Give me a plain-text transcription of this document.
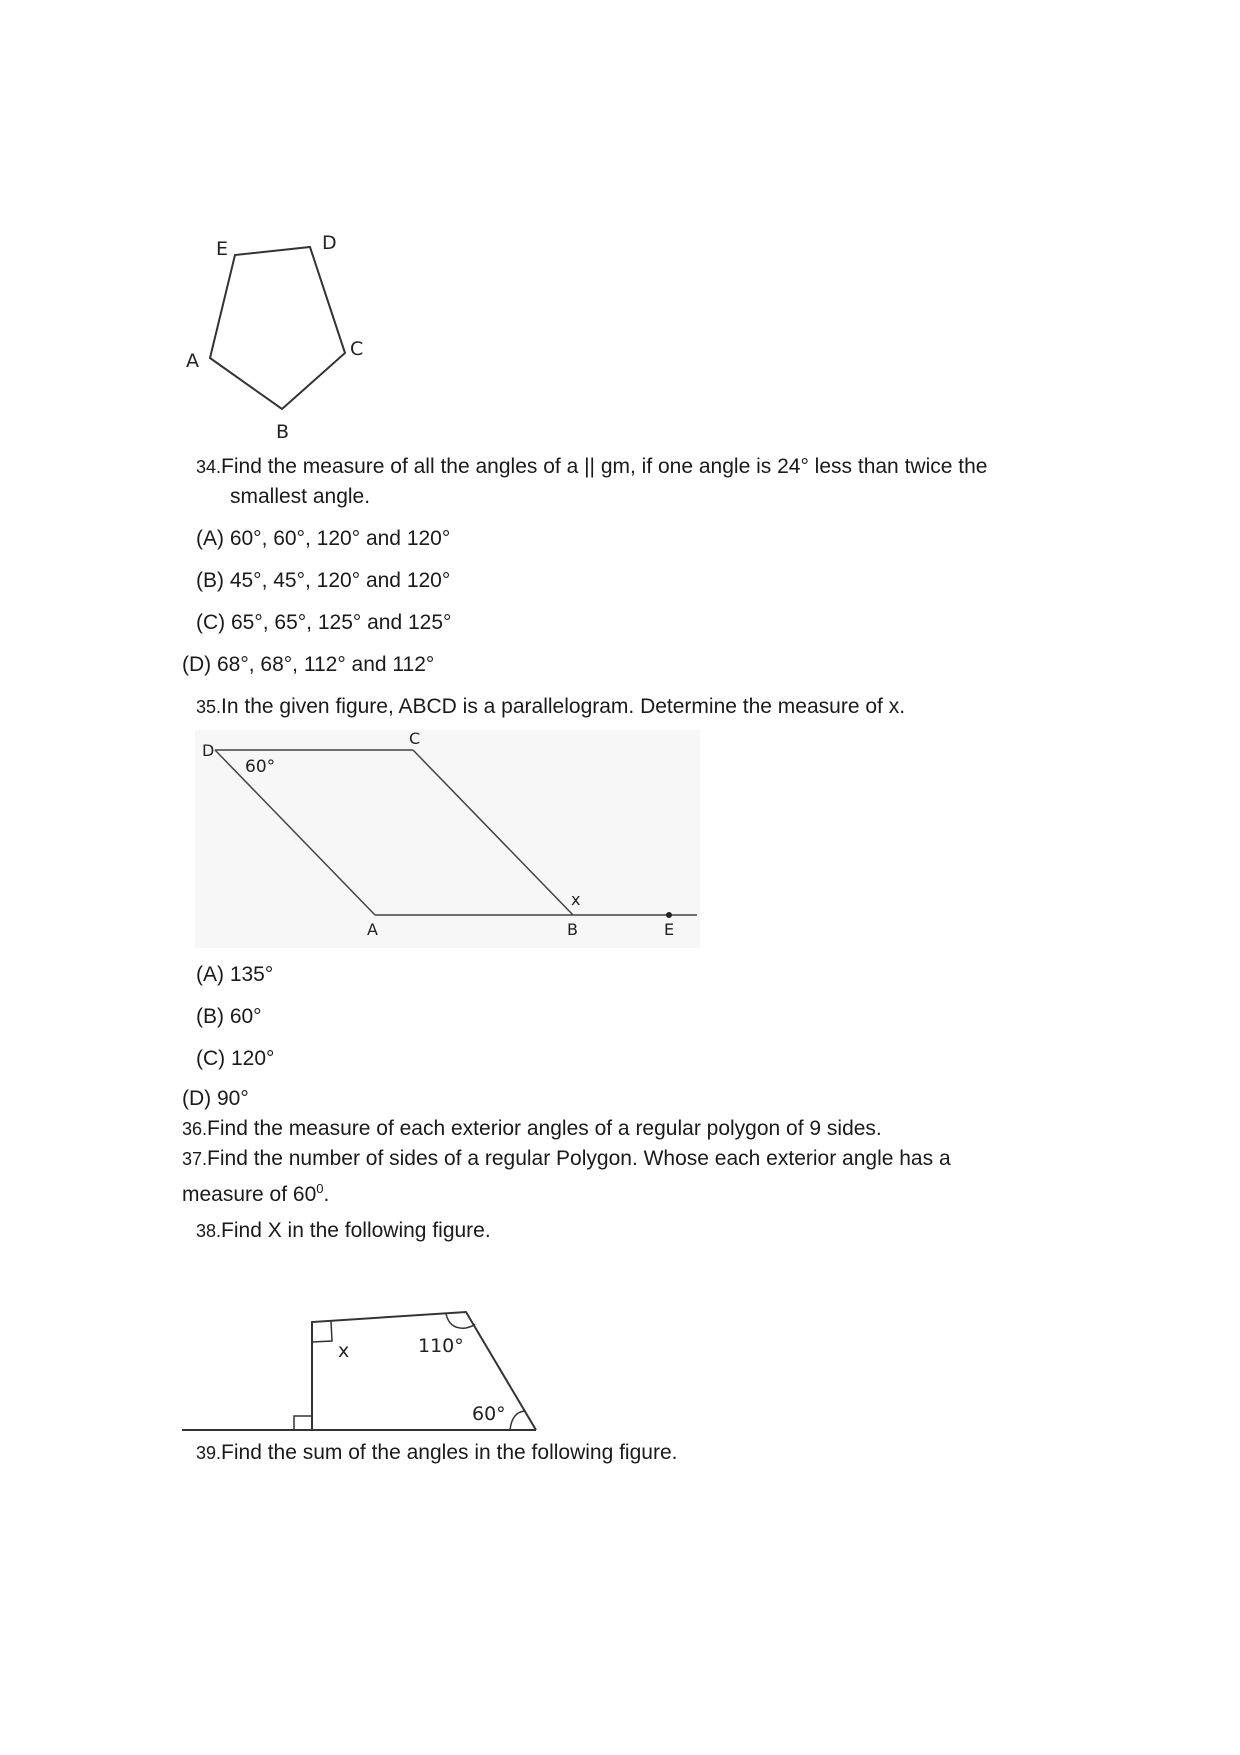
A
B
C
D
E
34.Find the measure of all the angles of a || gm, if one angle is 24° less than twice the
smallest angle.
(A) 60°, 60°, 120° and 120°
(B) 45°, 45°, 120° and 120°
(C) 65°, 65°, 125° and 125°
(D) 68°, 68°, 112° and 112°
35.In the given figure, ABCD is a parallelogram. Determine the measure of x.
D
60°
C
x
A	B	E
(A) 135°
(B) 60°
(C) 120°
(D) 90°
36.Find the measure of each exterior angles of a regular polygon of 9 sides.
37.Find the number of sides of a regular Polygon. Whose each exterior angle has a
measure of $60^0$.
38.Find X in the following figure.
x	110°
60°
39.Find the sum of the angles in the following figure.
